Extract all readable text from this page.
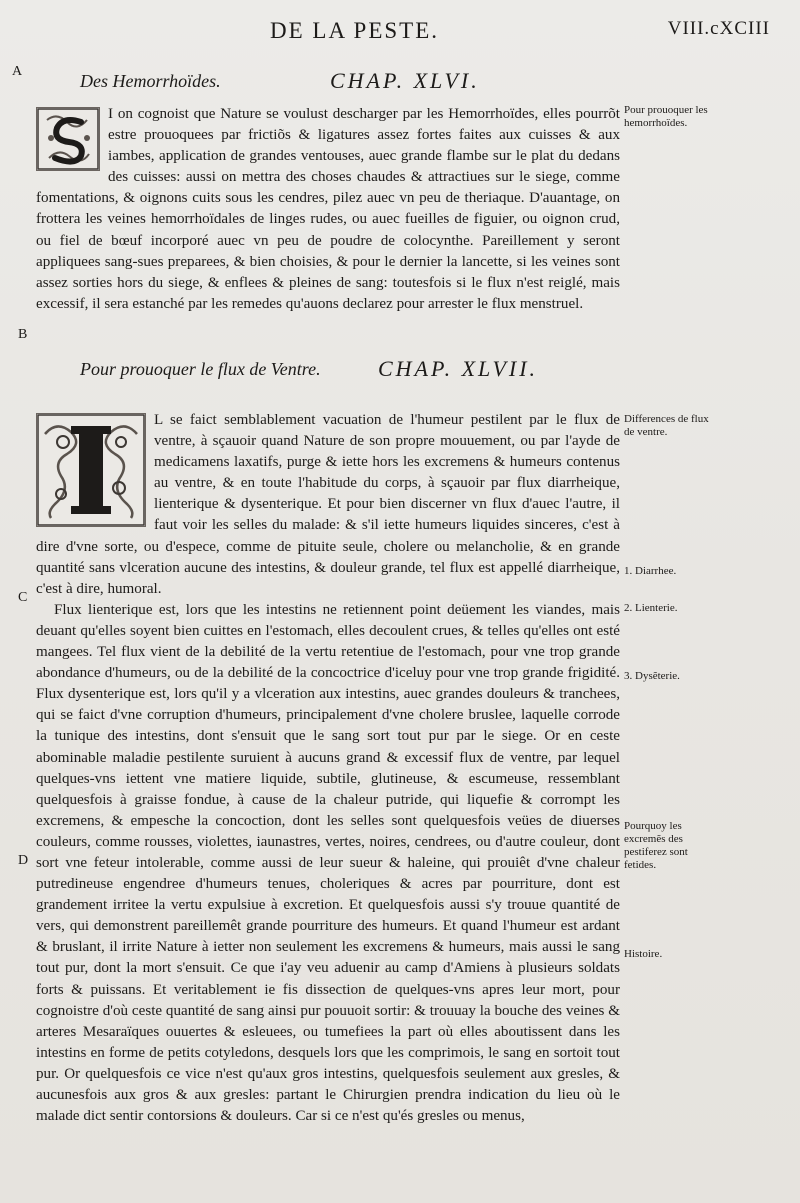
DE LA PESTE.	VIII.cXCIII
A
B
C
D
Des Hemorrhoïdes.	CHAP. XLVI.
I on cognoist que Nature se voulust descharger par les Hemorrhoïdes, elles pourrõt estre prouoquees par frictiõs & ligatures assez fortes faites aux cuisses & aux iambes, application de grandes ventouses, auec grande flambe sur le plat du dedans des cuisses: aussi on mettra des choses chaudes & attractiues sur le siege, comme fomentations, & oignons cuits sous les cendres, pilez auec vn peu de theriaque. D'auantage, on frottera les veines hemorrhoïdales de linges rudes, ou auec fueilles de figuier, ou oignon crud, ou fiel de bœuf incorporé auec vn peu de poudre de colocynthe. Pareillement y seront appliquees sang-sues preparees, & bien choisies, & pour le dernier la lancette, si les veines sont assez sorties hors du siege, & enflees & pleines de sang: toutesfois si le flux n'est reiglé, mais excessif, il sera estanché par les remedes qu'auons declarez pour arrester le flux menstruel.
Pour prouoquer le flux de Ventre.	CHAP. XLVII.
L se faict semblablement vacuation de l'humeur pestilent par le flux de ventre, à sçauoir quand Nature de son propre mouuement, ou par l'ayde de medicamens laxatifs, purge & iette hors les excremens & humeurs contenus au ventre, & en toute l'habitude du corps, à sçauoir par flux diarrheique, lienterique & dysenterique. Et pour bien discerner vn flux d'auec l'autre, il faut voir les selles du malade: & s'il iette humeurs liquides sinceres, c'est à dire d'vne sorte, ou d'espece, comme de pituite seule, cholere ou melancholie, & en grande quantité sans vlceration aucune des intestins, & douleur grande, tel flux est appellé diarrheique, c'est à dire, humoral.
Flux lienterique est, lors que les intestins ne retiennent point deüement les viandes, mais deuant qu'elles soyent bien cuittes en l'estomach, elles decoulent crues, & telles qu'elles ont esté mangees. Tel flux vient de la debilité de la vertu retentiue de l'estomach, pour vne trop grande abondance d'humeurs, ou de la debilité de la concoctrice d'iceluy pour vne trop grande frigidité. Flux dysenterique est, lors qu'il y a vlceration aux intestins, auec grandes douleurs & tranchees, qui se faict d'vne corruption d'humeurs, principalement d'vne cholere bruslee, laquelle corrode la tunique des intestins, dont s'ensuit que le sang sort tout pur par le siege. Or en ceste abominable maladie pestilente suruient à aucuns grand & excessif flux de ventre, par lequel quelques-vns iettent vne matiere liquide, subtile, glutineuse, & escumeuse, ressemblant quelquesfois à graisse fondue, à cause de la chaleur putride, qui liquefie & corrompt les excremens, & empesche la concoction, dont les selles sont quelquesfois veües de diuerses couleurs, comme rousses, violettes, iaunastres, vertes, noires, cendrees, ou d'autre couleur, dont sort vne feteur intolerable, comme aussi de leur sueur & haleine, qui prouiêt d'vne chaleur putredineuse engendree d'humeurs tenues, choleriques & acres par pourriture, dont est grandement irritee la vertu expulsiue à excretion. Et quelquesfois aussi s'y trouue quantité de vers, qui demonstrent pareillemêt grande pourriture des humeurs. Et quand l'humeur est ardant & bruslant, il irrite Nature à ietter non seulement les excremens & humeurs, mais aussi le sang tout pur, dont la mort s'ensuit. Ce que i'ay veu aduenir au camp d'Amiens à plusieurs soldats forts & puissans. Et veritablement ie fis dissection de quelques-vns apres leur mort, pour cognoistre d'où ceste quantité de sang ainsi pur pouuoit sortir: & trouuay la bouche des veines & arteres Mesaraïques ouuertes & esleuees, ou tumefiees la part où elles aboutissent dans les intestins en forme de petits cotyledons, desquels lors que les comprimois, le sang en sortoit tout pur. Or quelquesfois ce vice n'est qu'aux gros intestins, quelquesfois seulement aux gresles, & aucunesfois aux gros & aux gresles: partant le Chirurgien prendra indication du lieu où le malade dict sentir contorsions & douleurs. Car si ce n'est qu'és gresles ou menus,
Pour prouoquer les hemorrhoïdes.
Differences de flux de ventre.
1. Diarrhee.
2. Lienterie.
3. Dysẽterie.
Pourquoy les excremẽs des pestiferez sont fetides.
Histoire.
